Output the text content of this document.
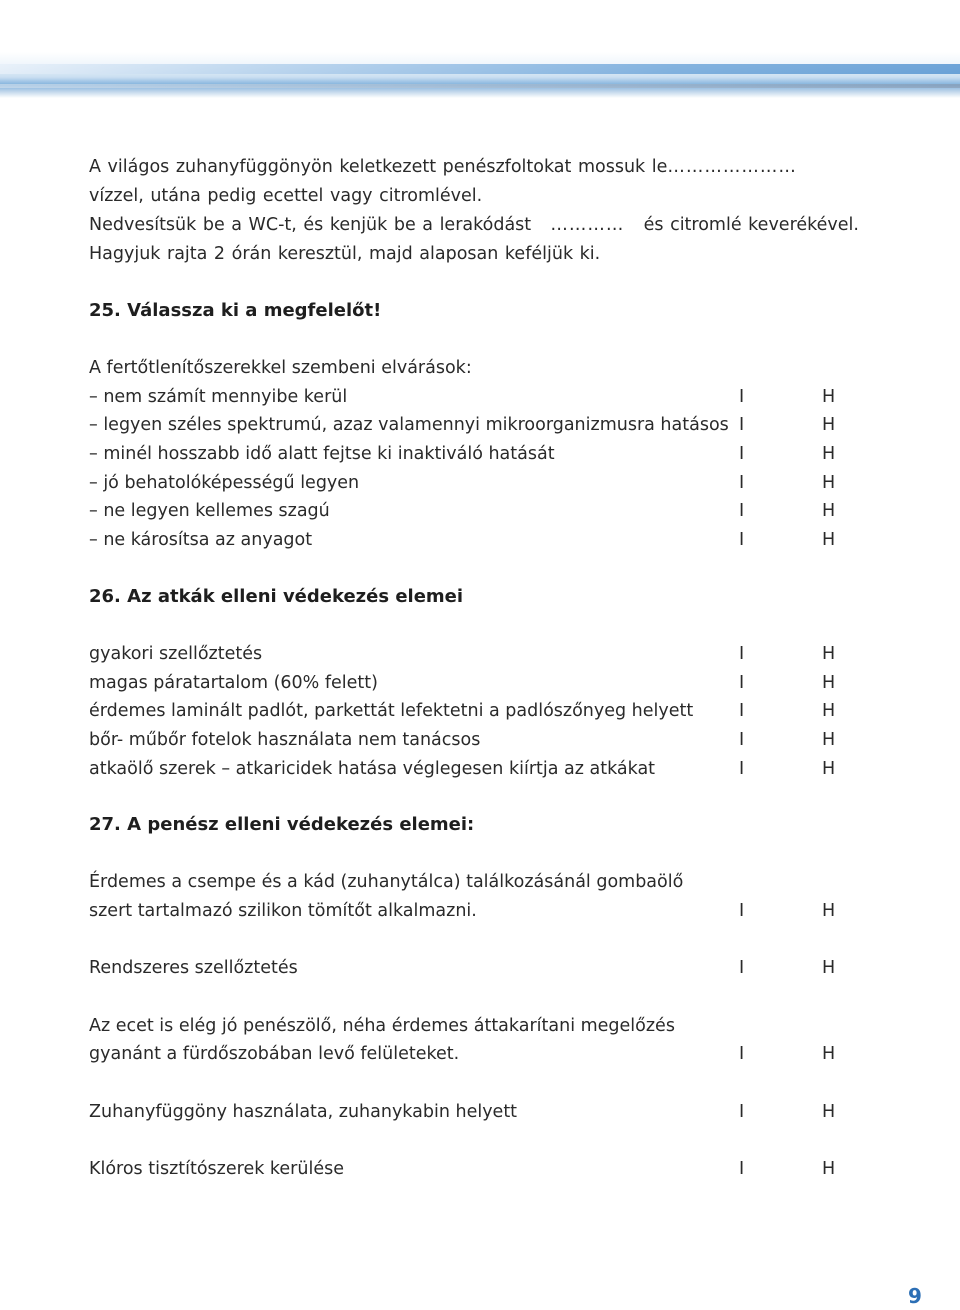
A világos zuhanyfüggönyön keletkezett penészfoltokat mossuk le…………………
vízzel, utána pedig ecettel vagy citromlével.
Nedvesítsük be a WC-t, és kenjük be a lerakódást ………… és citromlé keverékével.
Hagyjuk rajta 2 órán keresztül, majd alaposan keféljük ki.
25. Válassza ki a megfelelőt!
A fertőtlenítőszerekkel szembeni elvárások:
– nem számít mennyibe kerül	I	H
– legyen széles spektrumú, azaz valamennyi mikroorganizmusra hatásos I	H
– minél hosszabb idő alatt fejtse ki inaktiváló hatását	I	H
– jó behatolóképességű legyen	I	H
– ne legyen kellemes szagú	I	H
– ne károsítsa az anyagot	I	H
26. Az atkák elleni védekezés elemei
gyakori szellőztetés	I	H
magas páratartalom (60% felett)	I	H
érdemes laminált padlót, parkettát lefektetni a padlószőnyeg helyett	I	H
bőr- műbőr fotelok használata nem tanácsos	I	H
atkaölő szerek – atkaricidek hatása véglegesen kiírtja az atkákat	I	H
27. A penész elleni védekezés elemei:
Érdemes a csempe és a kád (zuhanytálca) találkozásánál gombaölő
szert tartalmazó szilikon tömítőt alkalmazni.	I	H
Rendszeres szellőztetés	I	H
Az ecet is elég jó penészölő, néha érdemes áttakarítani megelőzés
gyanánt a fürdőszobában levő felületeket.	I	H
Zuhanyfüggöny használata, zuhanykabin helyett	I	H
Klóros tisztítószerek kerülése	I	H
9
